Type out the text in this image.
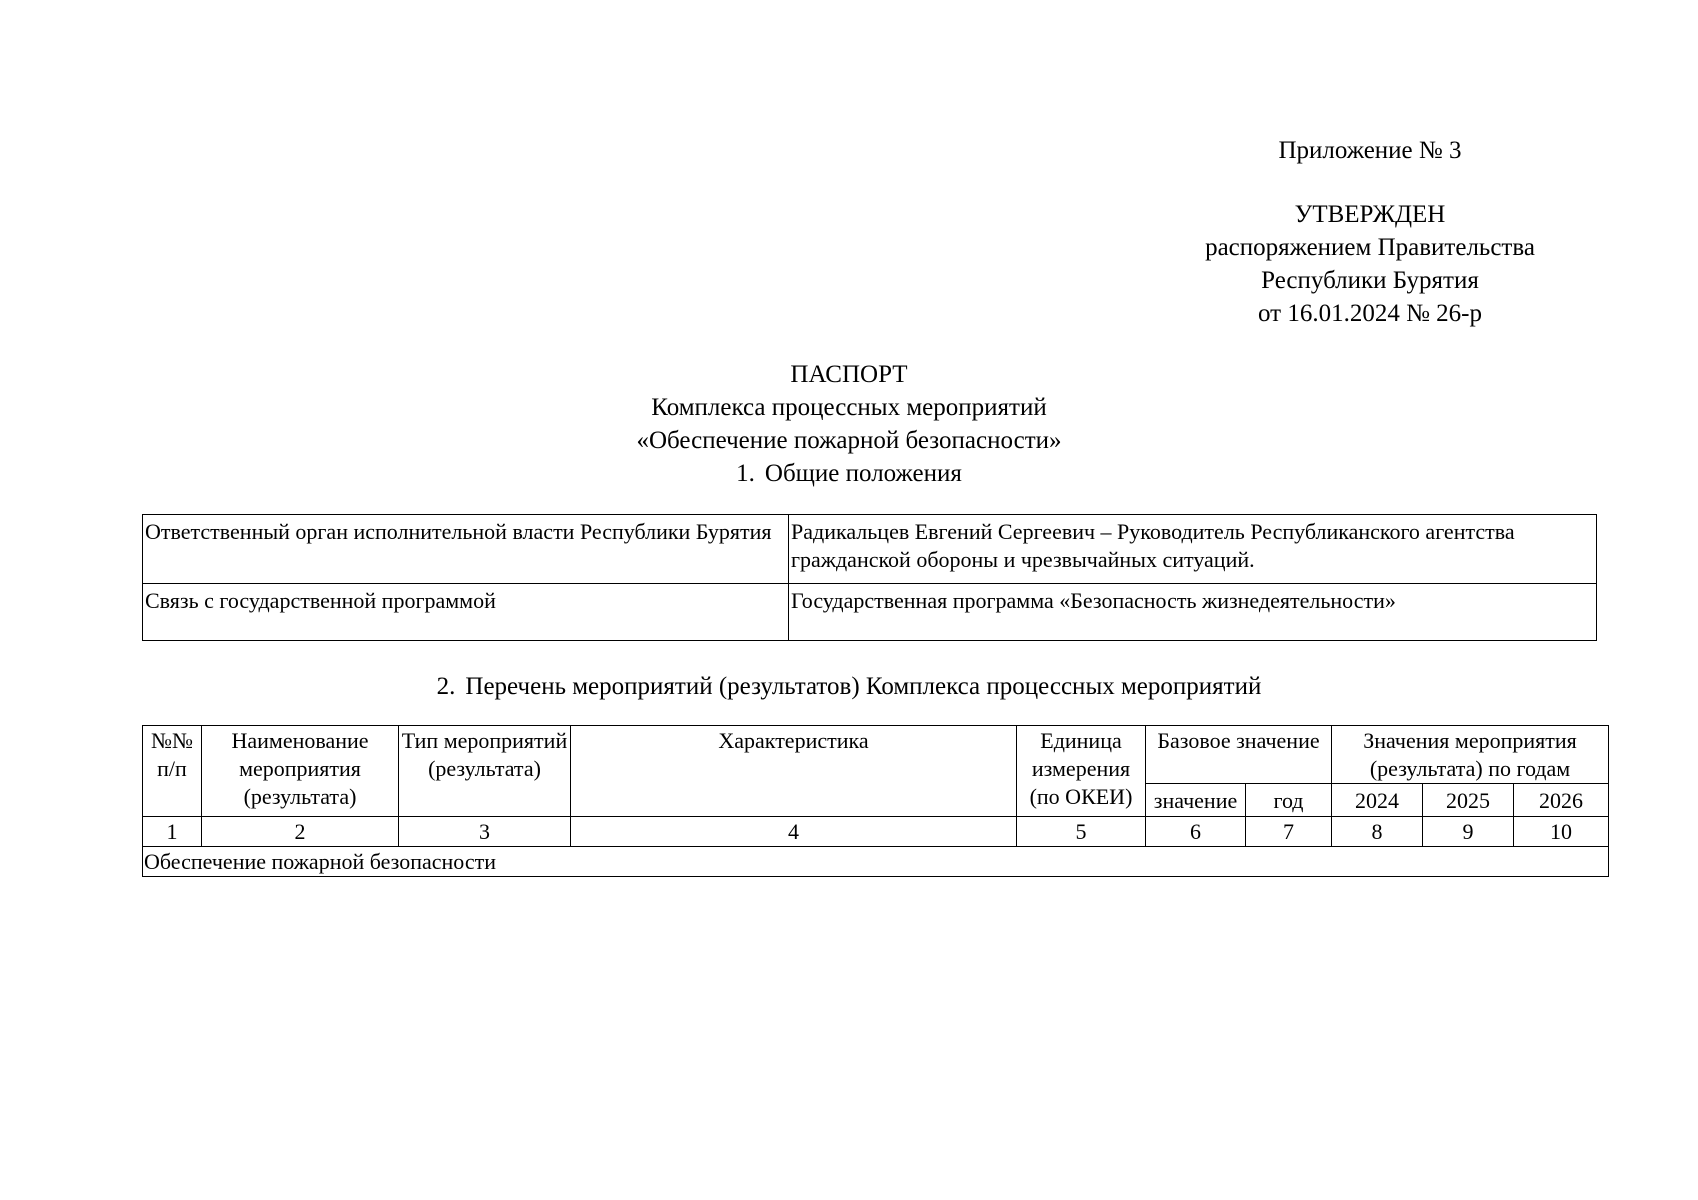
Приложение № 3
УТВЕРЖДЕН
распоряжением Правительства
Республики Бурятия
от 16.01.2024 № 26-р
ПАСПОРТ
Комплекса процессных мероприятий
«Обеспечение пожарной безопасности»
1. Общие положения
Ответственный орган исполнительной власти Республики Бурятия	Радикальцев Евгений Сергеевич – Руководитель Республиканского агентства гражданской обороны и чрезвычайных ситуаций.
Связь с государственной программой	Государственная программа «Безопасность жизнедеятельности»
2. Перечень мероприятий (результатов) Комплекса процессных мероприятий
№№ п/п	Наименование мероприятия (результата)	Тип мероприятий (результата)	Характеристика	Единица измерения (по ОКЕИ)	Базовое значение		Значения мероприятия (результата) по годам		
					значение	год	2024	2025	2026
1	2	3	4	5	6	7	8	9	10
Обеспечение пожарной безопасности									
